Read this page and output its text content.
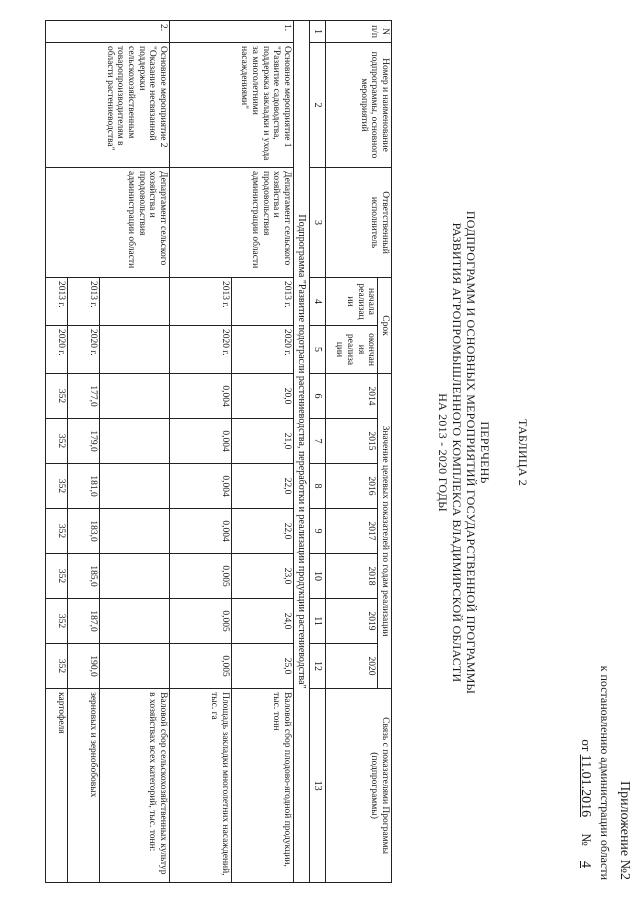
Приложение №2
к постановлению администрации области
от 11.01.2016     № 4
ТАБЛИЦА 2
ПЕРЕЧЕНЬ
ПОДПРОГРАММ И ОСНОВНЫХ МЕРОПРИЯТИЙ ГОСУДАРСТВЕННОЙ ПРОГРАММЫ
РАЗВИТИЯ АГРОПРОМЫШЛЕННОГО КОМПЛЕКСА ВЛАДИМИРСКОЙ ОБЛАСТИ
НА 2013 - 2020 ГОДЫ
N п/п	Номер и наименование подпрограммы, основного мероприятий	Ответственный исполнитель	Срок		Значение целевых показателей по годам реализации							Связь с показателями Программы (подпрограммы)
			начала реализац ии	окончан ия реализа ции	2014	2015	2016	2017	2018	2019	2020	
1	2	3	4	5	6	7	8	9	10	11	12	13
Подпрограмма "Развитие подотрасли растениеводства, переработки и реализации продукции растениеводства"												
1.	Основное мероприятие 1 "Развитие садоводства, поддержка закладки и ухода за многолетними насаждениями"	Департамент сельского хозяйства и продовольствия администрации области	2013 г.	2020 г.	20,0	21,0	22,0	22,0	23,0	24,0	25,0	Валовой сбор плодово-ягодной продукции, тыс. тонн
			2013 г.	2020 г.	0,004	0,004	0,004	0,004	0,005	0,005	0,005	Площадь закладки многолетних насаждений, тыс. га
2.	Основное мероприятие 2 "Оказание несвязанной поддержки сельскохозяйственным товаропроизводителям в области растениеводства"	Департамент сельского хозяйства и продовольствия администрации области										Валовой сбор сельскохозяйственных культур в хозяйствах всех категорий, тыс. тонн:
			2013 г.	2020 г.	177,0	179,0	181,0	183,0	185,0	187,0	190,0	зерновых и зернобобовых
			2013 г.	2020 г.	352	352	352	352	352	352	352	картофеля
